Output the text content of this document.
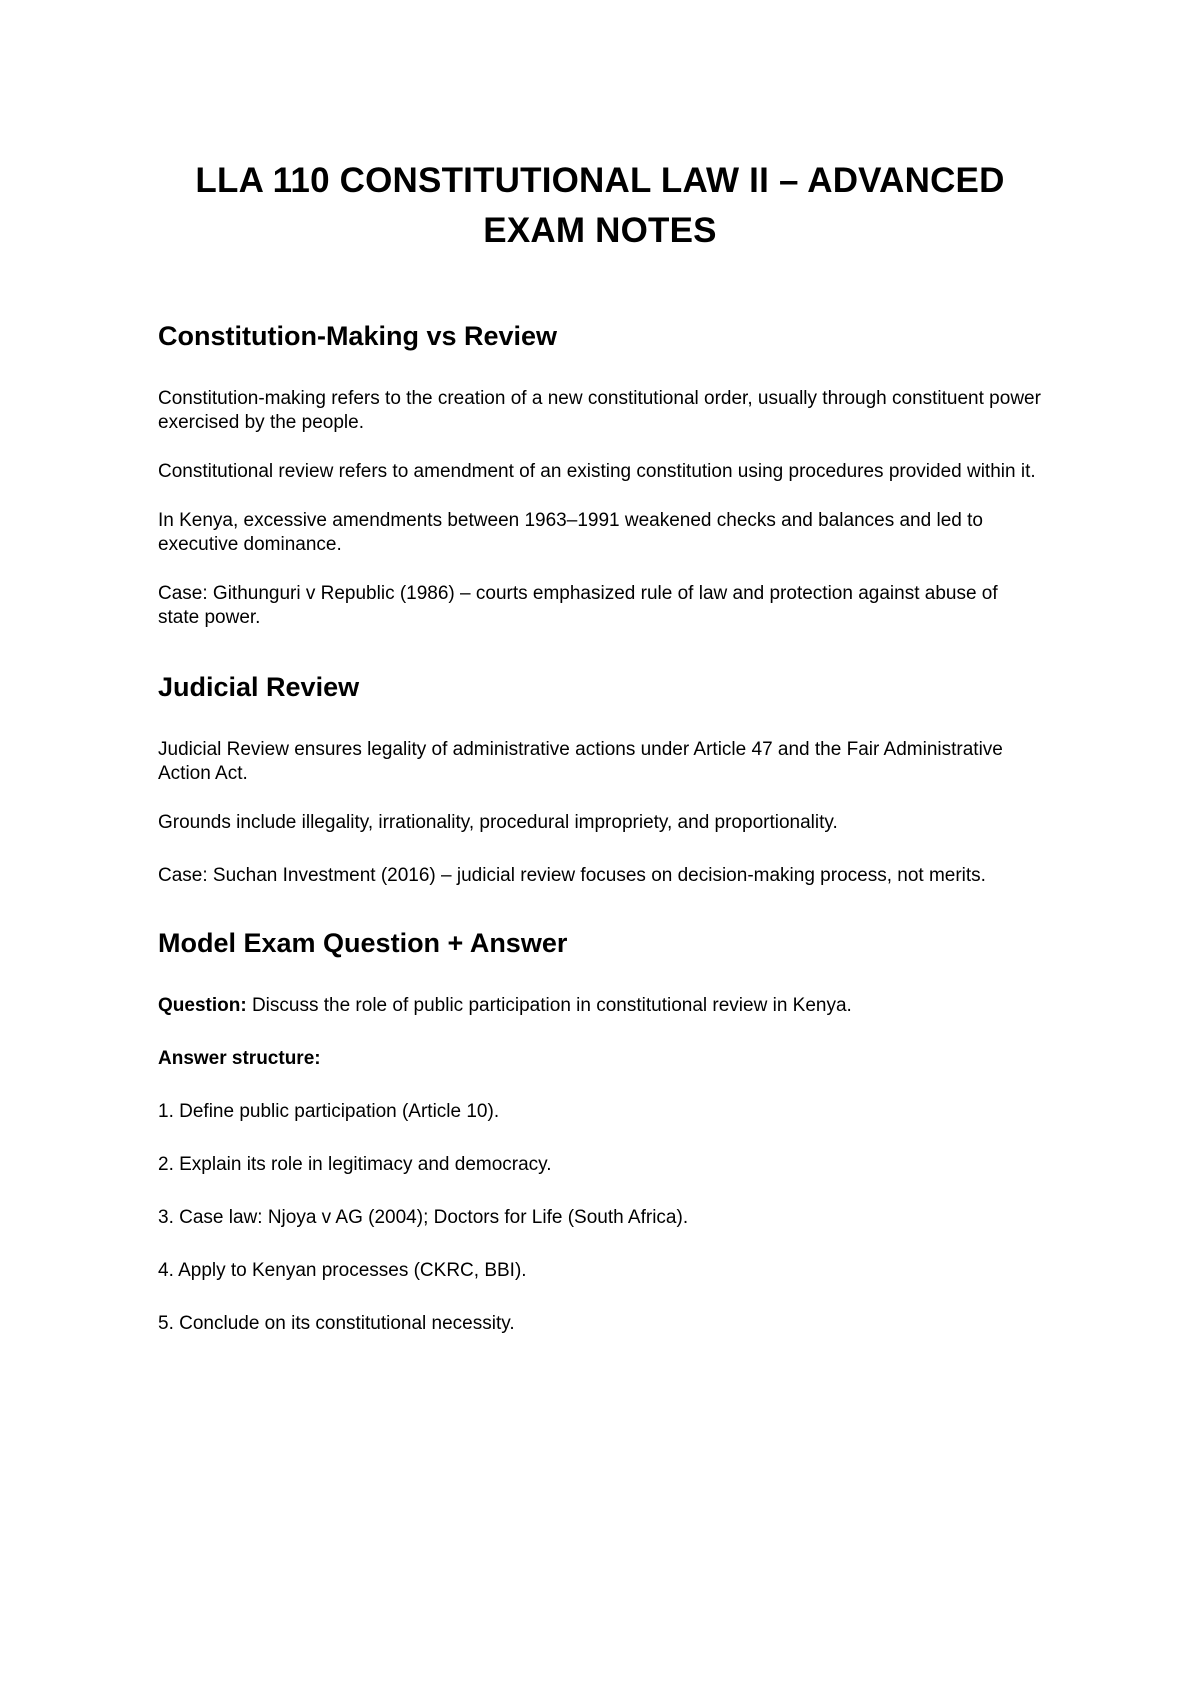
LLA 110 CONSTITUTIONAL LAW II – ADVANCED
EXAM NOTES
Constitution-Making vs Review

Constitution-making refers to the creation of a new constitutional order, usually through constituent power exercised by the people.

Constitutional review refers to amendment of an existing constitution using procedures provided within it.

In Kenya, excessive amendments between 1963–1991 weakened checks and balances and led to executive dominance.

Case: Githunguri v Republic (1986) – courts emphasized rule of law and protection against abuse of state power.

Judicial Review

Judicial Review ensures legality of administrative actions under Article 47 and the Fair Administrative Action Act.

Grounds include illegality, irrationality, procedural impropriety, and proportionality.

Case: Suchan Investment (2016) – judicial review focuses on decision-making process, not merits.

Model Exam Question + Answer

Question: Discuss the role of public participation in constitutional review in Kenya.

Answer structure:

1. Define public participation (Article 10).

2. Explain its role in legitimacy and democracy.

3. Case law: Njoya v AG (2004); Doctors for Life (South Africa).

4. Apply to Kenyan processes (CKRC, BBI).

5. Conclude on its constitutional necessity.
